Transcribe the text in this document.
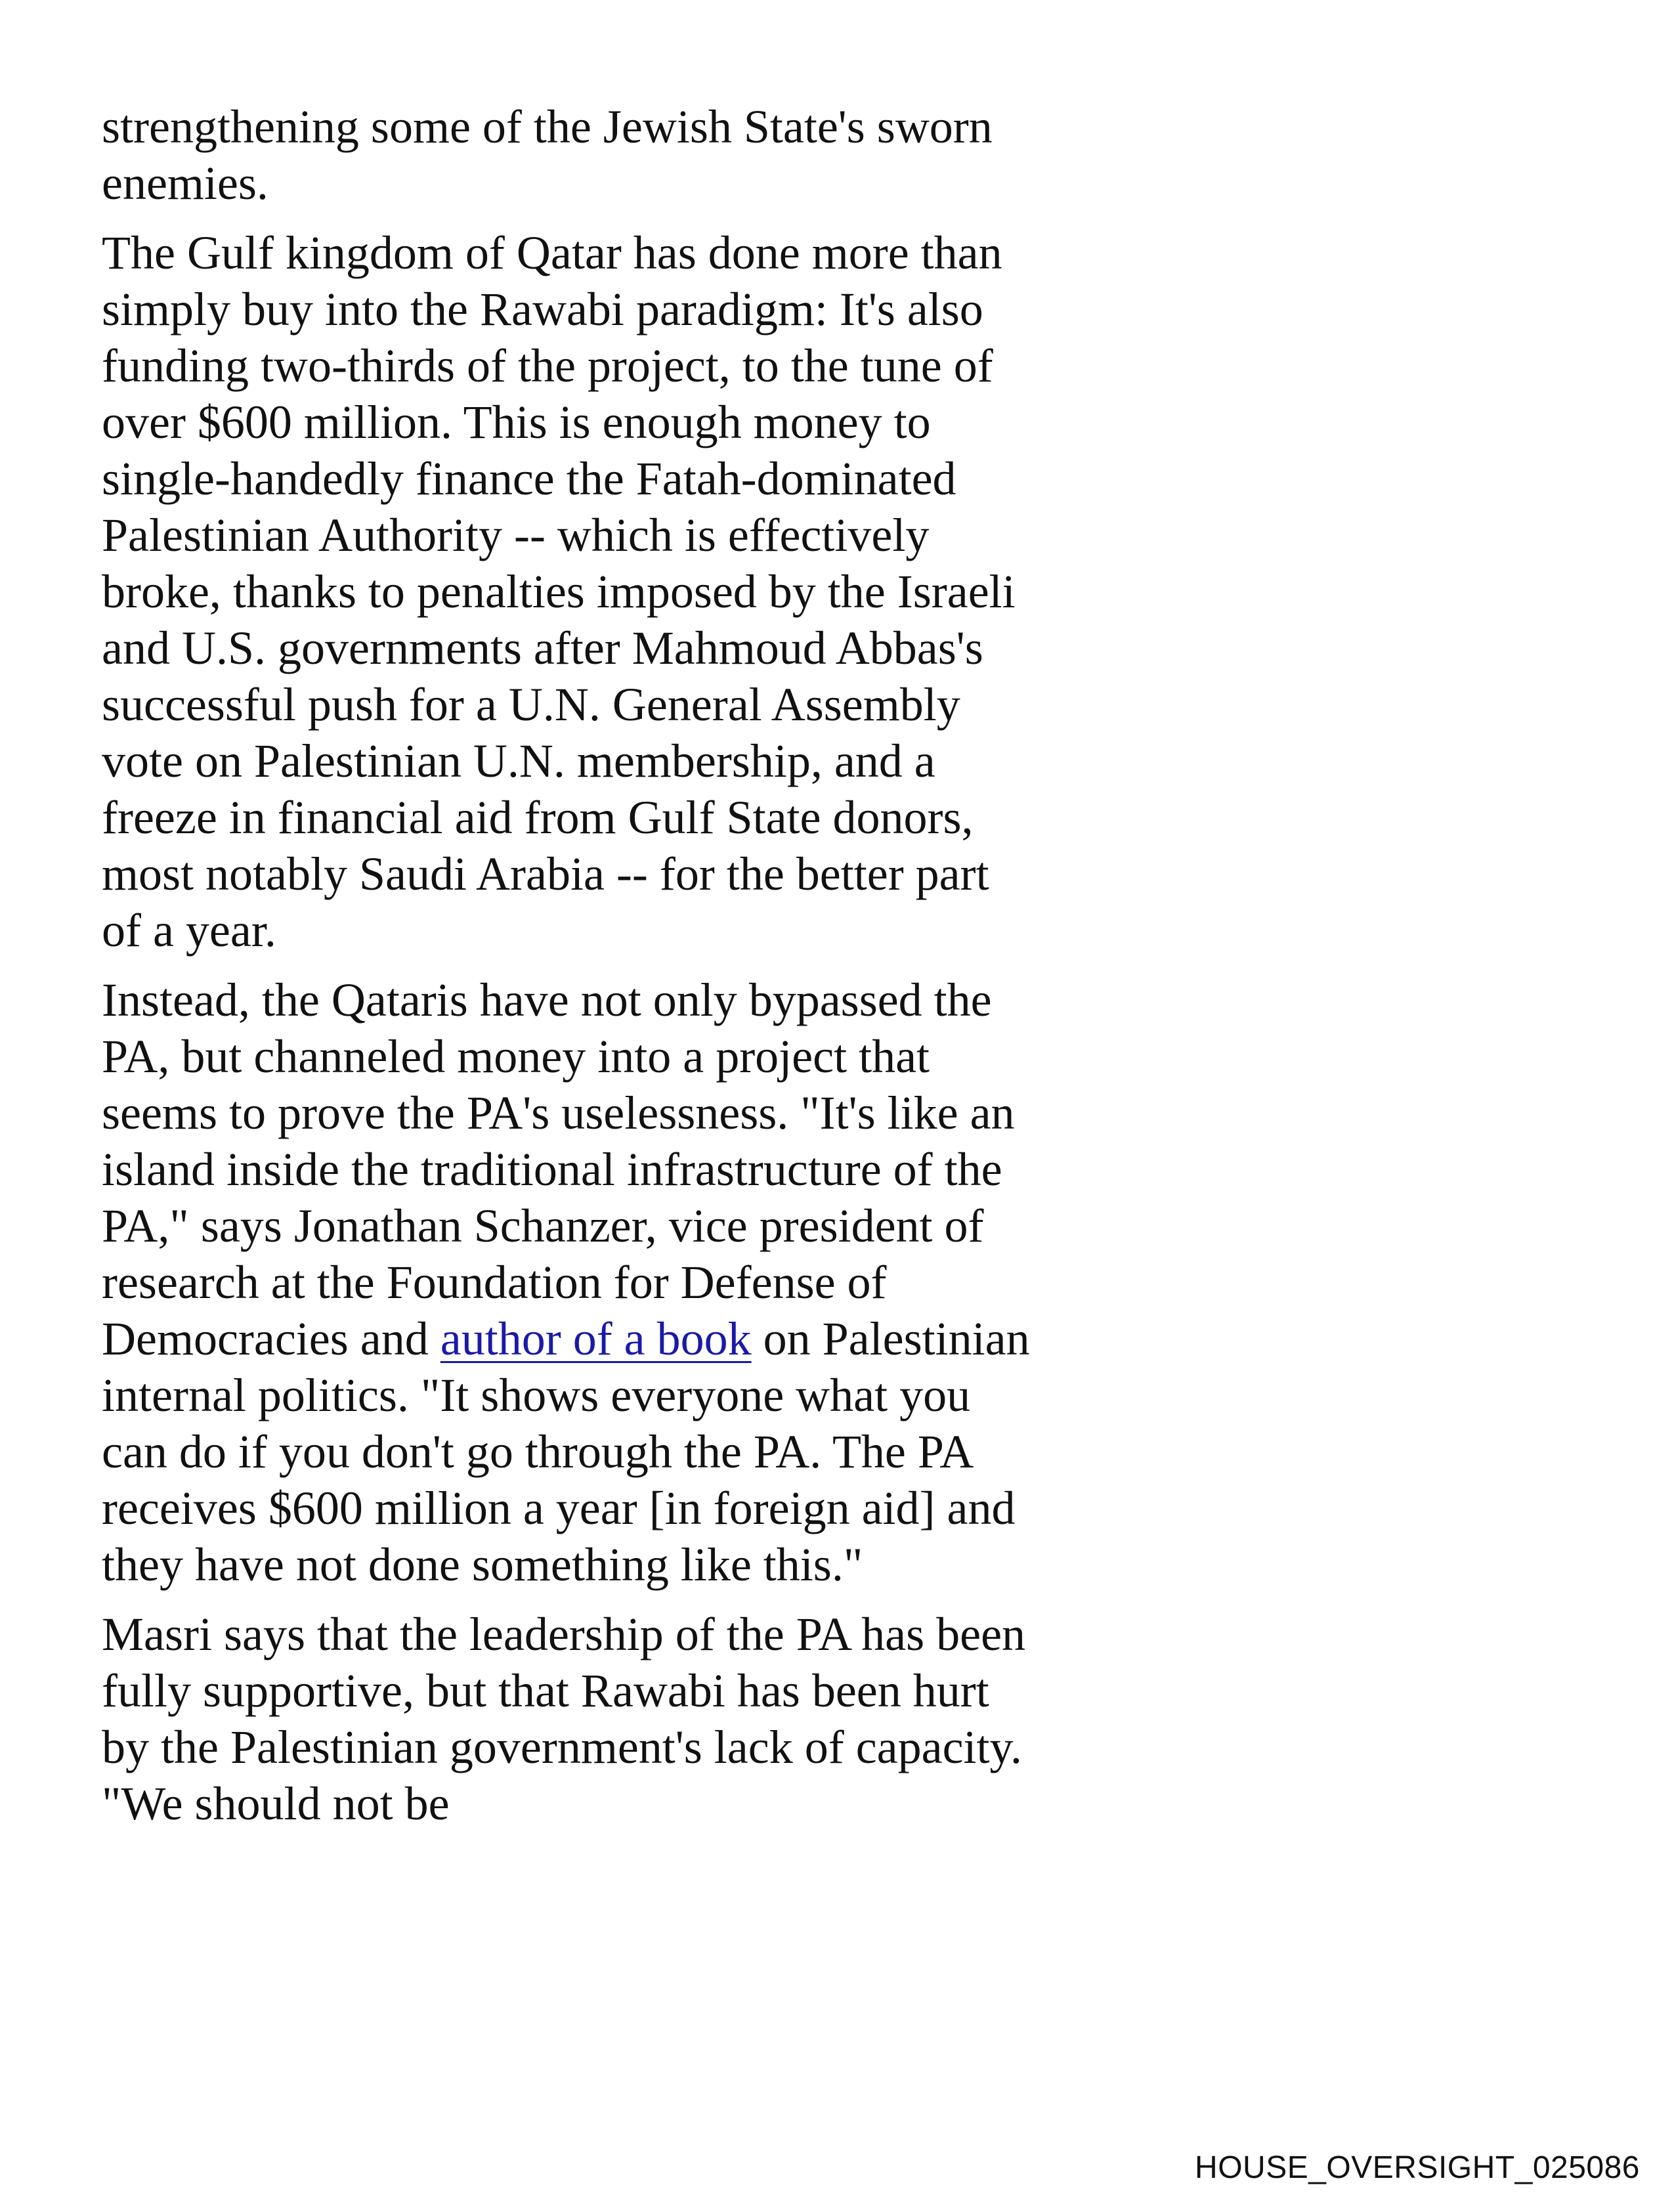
strengthening some of the Jewish State's sworn enemies.

The Gulf kingdom of Qatar has done more than simply buy into the Rawabi paradigm: It's also funding two-thirds of the project, to the tune of over $600 million. This is enough money to single-handedly finance the Fatah-dominated Palestinian Authority -- which is effectively broke, thanks to penalties imposed by the Israeli and U.S. governments after Mahmoud Abbas's successful push for a U.N. General Assembly vote on Palestinian U.N. membership, and a freeze in financial aid from Gulf State donors, most notably Saudi Arabia -- for the better part of a year.

Instead, the Qataris have not only bypassed the PA, but channeled money into a project that seems to prove the PA's uselessness. "It's like an island inside the traditional infrastructure of the PA," says Jonathan Schanzer, vice president of research at the Foundation for Defense of Democracies and author of a book on Palestinian internal politics. "It shows everyone what you can do if you don't go through the PA. The PA receives $600 million a year [in foreign aid] and they have not done something like this."

Masri says that the leadership of the PA has been fully supportive, but that Rawabi has been hurt by the Palestinian government's lack of capacity. "We should not be

HOUSE_OVERSIGHT_025086
